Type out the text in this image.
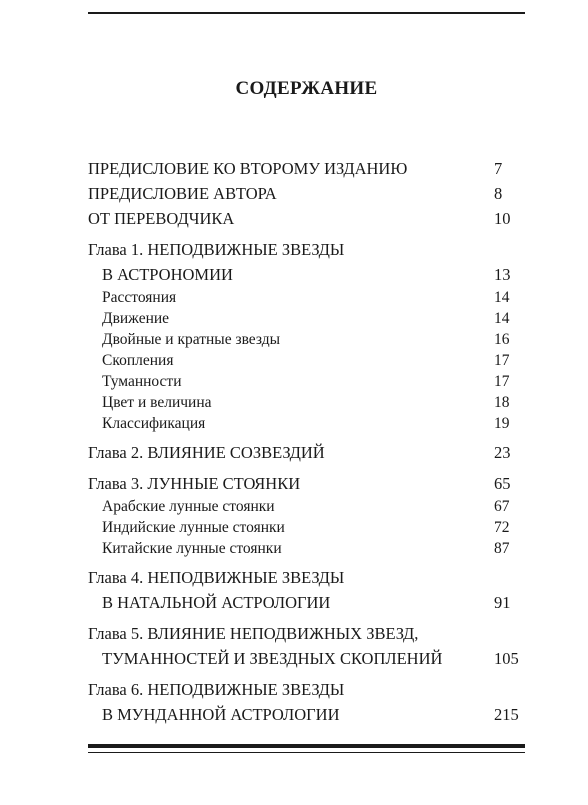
СОДЕРЖАНИЕ
ПРЕДИСЛОВИЕ КО ВТОРОМУ ИЗДАНИЮ	7
ПРЕДИСЛОВИЕ АВТОРА	8
ОТ ПЕРЕВОДЧИКА	10
Глава 1. НЕПОДВИЖНЫЕ ЗВЕЗДЫ
В АСТРОНОМИИ	13
Расстояния	14
Движение	14
Двойные и кратные звезды	16
Скопления	17
Туманности	17
Цвет и величина	18
Классификация	19
Глава 2. ВЛИЯНИЕ СОЗВЕЗДИЙ	23
Глава 3. ЛУННЫЕ СТОЯНКИ	65
Арабские лунные стоянки	67
Индийские лунные стоянки	72
Китайские лунные стоянки	87
Глава 4. НЕПОДВИЖНЫЕ ЗВЕЗДЫ
В НАТАЛЬНОЙ АСТРОЛОГИИ	91
Глава 5. ВЛИЯНИЕ НЕПОДВИЖНЫХ ЗВЕЗД,
ТУМАННОСТЕЙ И ЗВЕЗДНЫХ СКОПЛЕНИЙ	105
Глава 6. НЕПОДВИЖНЫЕ ЗВЕЗДЫ
В МУНДАННОЙ АСТРОЛОГИИ	215
